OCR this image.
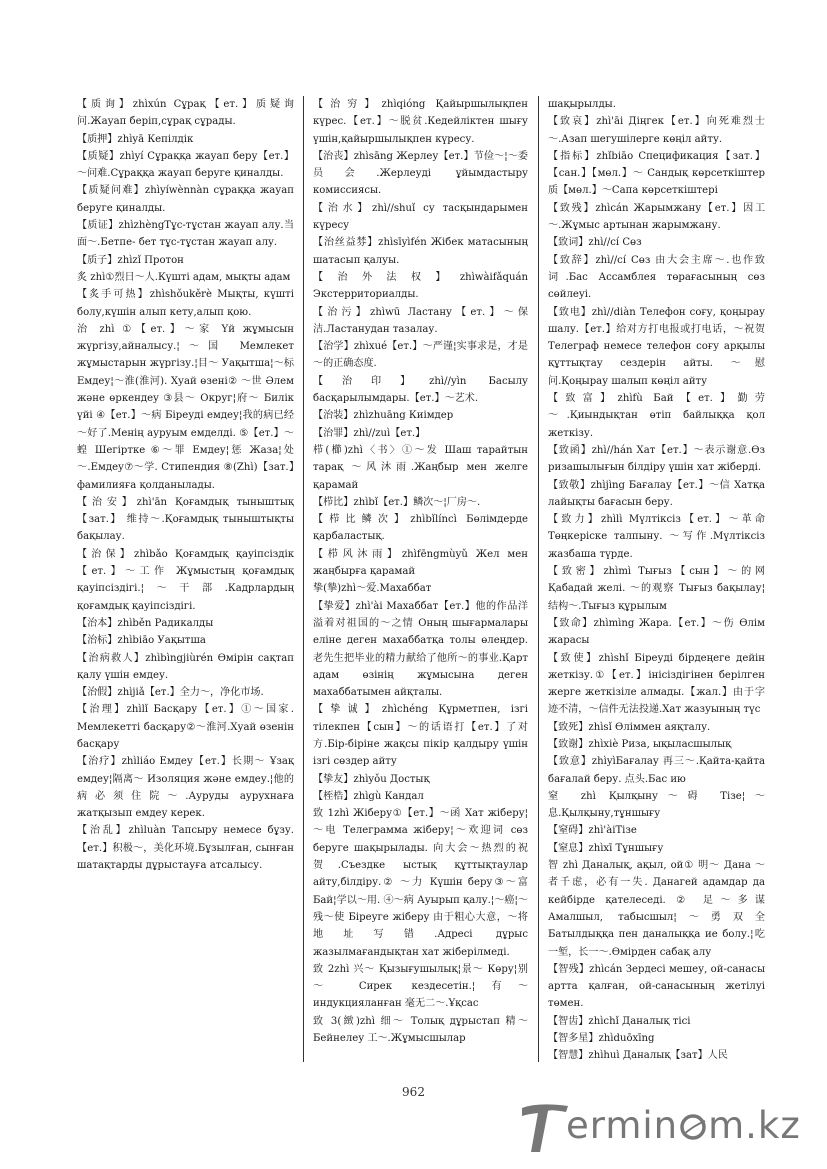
【质询】zhìxún Сұрақ【ет.】质疑询问.Жауап беріп,сұрақ сұрады.

【质押】zhìyā Кепілдік

【质疑】zhìyí Сұраққа жауап беру【ет.】～问难.Сұраққа жауап беруге қиналды.

【质疑问难】zhìyíwènnàn сұраққа жауап беруге қиналды.

【质证】zhìzhèngТұс-тұстан жауап алу.当面～.Бетпе- бет тұс-тұстан жауап алу.

【质子】zhìzǐ Протон

炙 zhì①烈日～人.Күшті адам, мықты адам

【炙手可热】zhìshǒukěrè Мықты, күшті болу,күшін алып кету,алып қою.

治 zhì ①【ет.】～家 Үй жұмысын жүргізу,айналысу.¦～国 Мемлекет жұмыстарын жүргізу.¦目～ Уақытша¦～标 Емдеу¦～淮(淮河). Хуай өзені② ～世 Әлем және өркендеу ③县～ Округ¦府～ Билік үйі ④【ет.】～病 Біреуді емдеу¦我的病已经～好了.Менің ауруым емделді. ⑤【ет.】～蝗 Шегіртке ⑥～罪 Емдеу¦惩 Жаза¦处～.Емдеу⑦～学. Стипендия ⑧(Zhì)【зат.】фамилияға қолданылады.

【治安】zhì'ān Қоғамдық тыныштық【зат.】 维持～.Қоғамдық тыныштықты бақылау.

【治保】zhìbǎo Қоғамдық қауіпсіздік【ет.】～工作 Жұмыстың қоғамдық қауіпсіздігі.¦～干部.Кадрлардың қоғамдық қауіпсіздігі.

【治本】zhìběn Радикалды

【治标】zhìbiāo Уақытша

【治病救人】zhìbìngjiùrén Өмірін сақтап қалу үшін емдеу.

【治假】zhìjiǎ【ет.】全力～，净化市场.

【治理】zhìlǐ Басқару【ет.】①～国家. Мемлекетті басқару②～淮河.Хуай өзенін басқару

【治疗】zhìliáo Емдеу【ет.】长期～ Ұзақ емдеу¦隔离～ Изоляция және емдеу.¦他的病必须住院～.Ауруды аурухнаға жатқызып емдеу керек.

【治乱】zhìluàn Тапсыру немесе бұзу.【ет.】积极～，美化环境.Бұзылған, сынған шатақтарды дұрыстауға атсалысу.

【治穷】zhìqióng Қайыршылықпен күрес.【ет.】～脱贫.Кедейліктен шығу үшін,қайыршылықпен күресу.

【治丧】zhìsāng Жерлеу【ет.】节俭～¦～委员会.Жерлеуді ұйымдастыру комиссиясы.

【治水】zhì//shuǐ су тасқындарымен күресу

【治丝益棼】zhìsīyìfén Жібек матасының шатасып қалуы.

【治外法权】zhìwàifǎquán Экстерриториалды.

【治污】zhìwū Ластану【ет.】～保洁.Ластанудан тазалау.

【治学】zhìxué【ет.】～严谨¦实事求是，才是～的正确态度.

【治印】zhì//yìn Басылу басқарылымдары.【ет.】～艺术.

【治装】zhìzhuāng Киімдер

【治罪】zhì//zuì【ет.】

栉(櫛)zhì〈书〉①～发 Шаш тарайтын тарақ ～风沐雨.Жаңбыр мен желге қарамай

【栉比】zhìbǐ【ет.】鳞次～¦厂房～.

【栉比鳞次】zhìbǐlíncì Бөлімдерде қарбаластық.

【栉风沐雨】zhìfēngmùyǔ Жел мен жаңбырға қарамай

挚(摯)zhì～爱.Махаббат

【挚爱】zhì'ài Махаббат【ет.】他的作品洋溢着对祖国的～之情 Оның шығармалары еліне деген махаббатқа толы өлеңдер. 老先生把毕业的精力献给了他所～的事业.Қарт адам өзінің жұмысына деген махаббатымен айқталы.

【挚诚】zhìchéng Құрметпен, ізгі тілекпен【сын】～的话语打【ет.】了对方.Бір-біріне жақсы пікір қалдыру үшін ізгі сөздер айту

【挚友】zhìyǒu Достық

【桎梏】zhìgù Кандал

致 1zhì Жіберу①【ет.】～函 Хат жіберу¦～电 Телеграмма жіберу¦～欢迎词 сөз беруге шақырылады. 向大会～热烈的祝贺.Съездке ыстық құттықтаулар айту,білдіру.② ～力 Күшін беру③～富 Бай¦学以～用. ④～病 Ауырып қалу.¦～癌¦～残～使 Біреуге жіберу 由于粗心大意，～将地址写错.Адресі дұрыс жазылмағандықтан хат жіберілмеді.

致 2zhì 兴～ Қызығушылық¦景～ Көру¦别～ Сирек кездесетін.¦有～ индукцияланған 毫无二～.Ұқсас

致 3(緻)zhì 细～ Толық дұрыстап 精～ Бейнелеу 工～.Жұмысшылар

шақырылды.

【致哀】zhì'āi Діңгек【ет.】向死难烈士～.Азап шегушілерге көңіл айту.

【指标】zhǐbiāo Спецификация【зат.】【сан.】【мөл.】～ Сандық көрсеткіштер 质【мөл.】～Сапа көрсеткіштері

【致残】zhìcán Жарымжану【ет.】因工～.Жұмыс артынан жарымжану.

【致词】zhì//cí Сөз

【致辞】zhì//cí Сөз 由大会主席～.也作致词.Бас Ассамблея төрағасының сөз сөйлеуі.

【致电】zhì//diàn Телефон соғу, қоңырау шалу.【ет.】给对方打电报或打电话，～祝贺 Телеграф немесе телефон соғу арқылы құттықтау сездерін айты. ～慰问.Қоңырау шалып көңіл айту

【致富】zhìfù Бай【ет.】勤劳～.Қиындықтан өтіп байлыққа қол жеткізу.

【致函】zhì//hán Хат【ет.】～表示谢意.Өз ризашылығын білдіру үшін хат жіберді.

【致敬】zhìjìng Бағалау【ет.】～信 Хатқа лайықты бағасын беру.

【致力】zhìlì Мүлтіксіз【ет.】～革命 Төңкеріске талпыну. ～写作.Мүлтіксіз жазбаша түрде.

【致密】zhìmì Тығыз【сын】～的网 Қабадай желі. ～的观察 Тығыз бақылау¦结构～.Тығыз құрылым

【致命】zhìmìng Жара.【ет.】～伤 Өлім жарасы

【致使】zhìshǐ Біреуді бірдеңеге дейін жеткізу.①【ет.】інісіздігінен берілген жерге жеткізіле алмады.【жал.】由于字迹不清，～信件无法投递.Хат жазуының түс

【致死】zhìsǐ Өліммен аяқталу.

【致谢】zhìxiè Риза, ықыласшылық

【致意】zhìyìБағалау 再三～.Қайта-қайта бағалай беру. 点头.Бас ию

窒 zhì Қылқыну～碍 Тізе¦～息.Қылқыну,тұншығу

【窒碍】zhì'àiTізе

【窒息】zhìxī Тұншығу

智 zhì Даналық, ақыл, ой① 明～ Дана ～者千虑，必有一失. Данагей адамдар да кейбірде қателеседі. ② 足～多谋 Амалшыл, табысшыл¦～勇双全 Батылдыққа пен даналыққа ие болу.¦吃一堑，长一～.Өмірден сабақ алу

【智残】zhìcán Зердесі мешеу, ой-санасы артта қалған, ой-санасының жетілуі төмен.

【智齿】zhìchǐ Даналық тісі

【智多星】zhìduōxīng

【智慧】zhìhuì Даналық【зат】人民

962
ermin m.kz
